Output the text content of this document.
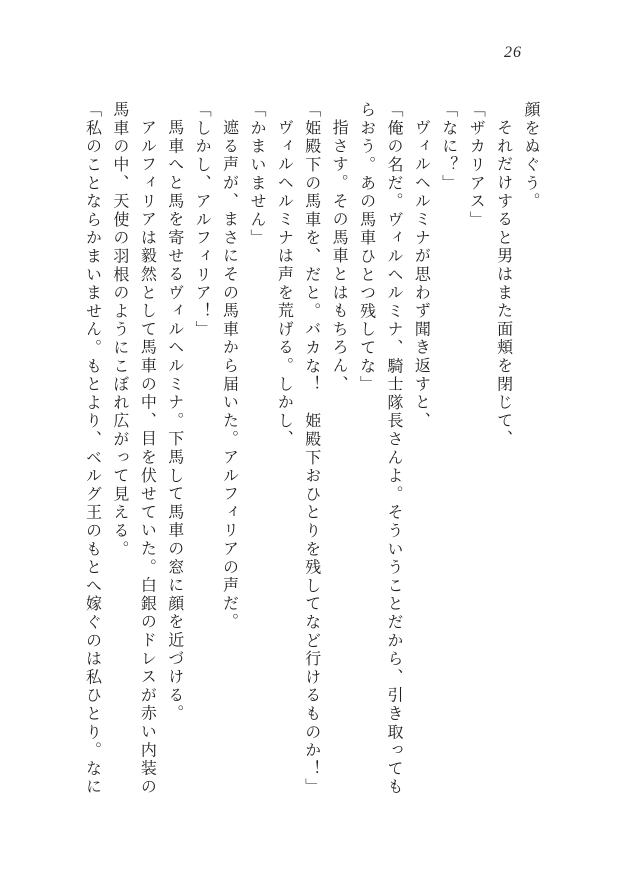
26

顔をぬぐう。

それだけすると男はまた面頬を閉じて、

「ザカリアス」

「なに？」

ヴィルヘルミナが思わず聞き返すと、

「俺の名だ。ヴィルヘルミナ、騎士隊長さんよ。そういうことだから、引き取ってもらおう。あの馬車ひとつ残してな」

指さす。その馬車とはもちろん、

「姫殿下の馬車を、だと。バカな！　姫殿下おひとりを残してなど行けるものか！」

ヴィルヘルミナは声を荒げる。しかし、

「かまいません」

遮る声が、まさにその馬車から届いた。アルフィリアの声だ。

「しかし、アルフィリア！」

馬車へと馬を寄せるヴィルヘルミナ。下馬して馬車の窓に顔を近づける。

アルフィリアは毅然として馬車の中、目を伏せていた。白銀のドレスが赤い内装の馬車の中、天使の羽根のようにこぼれ広がって見える。

「私のことならかまいません。もとより、ベルグ王のもとへ嫁ぐのは私ひとり。なに
